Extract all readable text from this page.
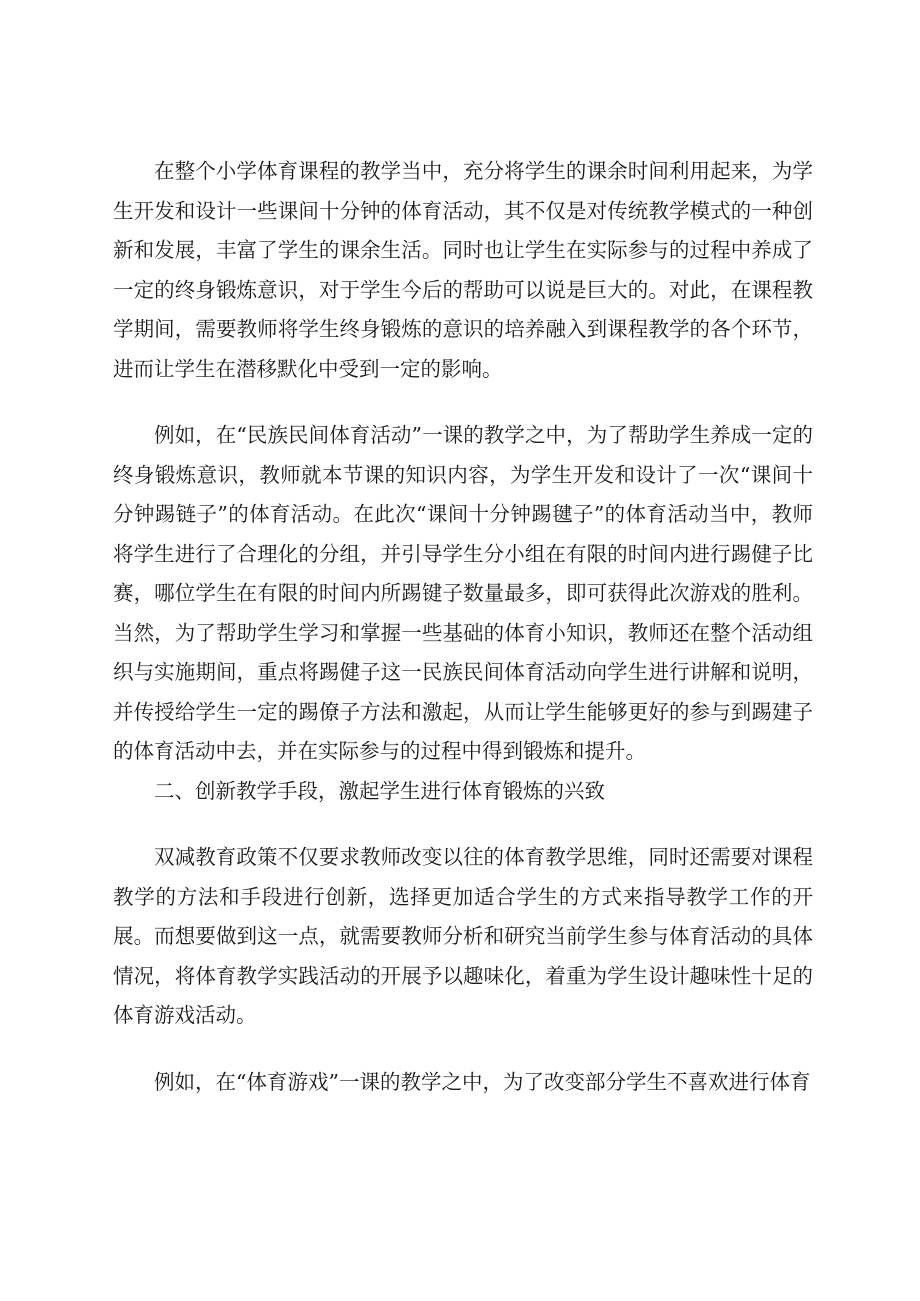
在整个小学体育课程的教学当中，充分将学生的课余时间利用起来，为学生开发和设计一些课间十分钟的体育活动，其不仅是对传统教学模式的一种创新和发展，丰富了学生的课余生活。同时也让学生在实际参与的过程中养成了一定的终身锻炼意识，对于学生今后的帮助可以说是巨大的。对此，在课程教学期间，需要教师将学生终身锻炼的意识的培养融入到课程教学的各个环节，进而让学生在潜移默化中受到一定的影响。

例如，在“民族民间体育活动”一课的教学之中，为了帮助学生养成一定的终身锻炼意识，教师就本节课的知识内容，为学生开发和设计了一次“课间十分钟踢链子”的体育活动。在此次“课间十分钟踢毽子”的体育活动当中，教师将学生进行了合理化的分组，并引导学生分小组在有限的时间内进行踢健子比赛，哪位学生在有限的时间内所踢键子数量最多，即可获得此次游戏的胜利。当然，为了帮助学生学习和掌握一些基础的体育小知识，教师还在整个活动组织与实施期间，重点将踢健子这一民族民间体育活动向学生进行讲解和说明，并传授给学生一定的踢僚子方法和激起，从而让学生能够更好的参与到踢建子的体育活动中去，并在实际参与的过程中得到锻炼和提升。

二、创新教学手段，激起学生进行体育锻炼的兴致

双减教育政策不仅要求教师改变以往的体育教学思维，同时还需要对课程教学的方法和手段进行创新，选择更加适合学生的方式来指导教学工作的开展。而想要做到这一点，就需要教师分析和研究当前学生参与体育活动的具体情况，将体育教学实践活动的开展予以趣味化，着重为学生设计趣味性十足的体育游戏活动。

例如，在“体育游戏”一课的教学之中，为了改变部分学生不喜欢进行体育
